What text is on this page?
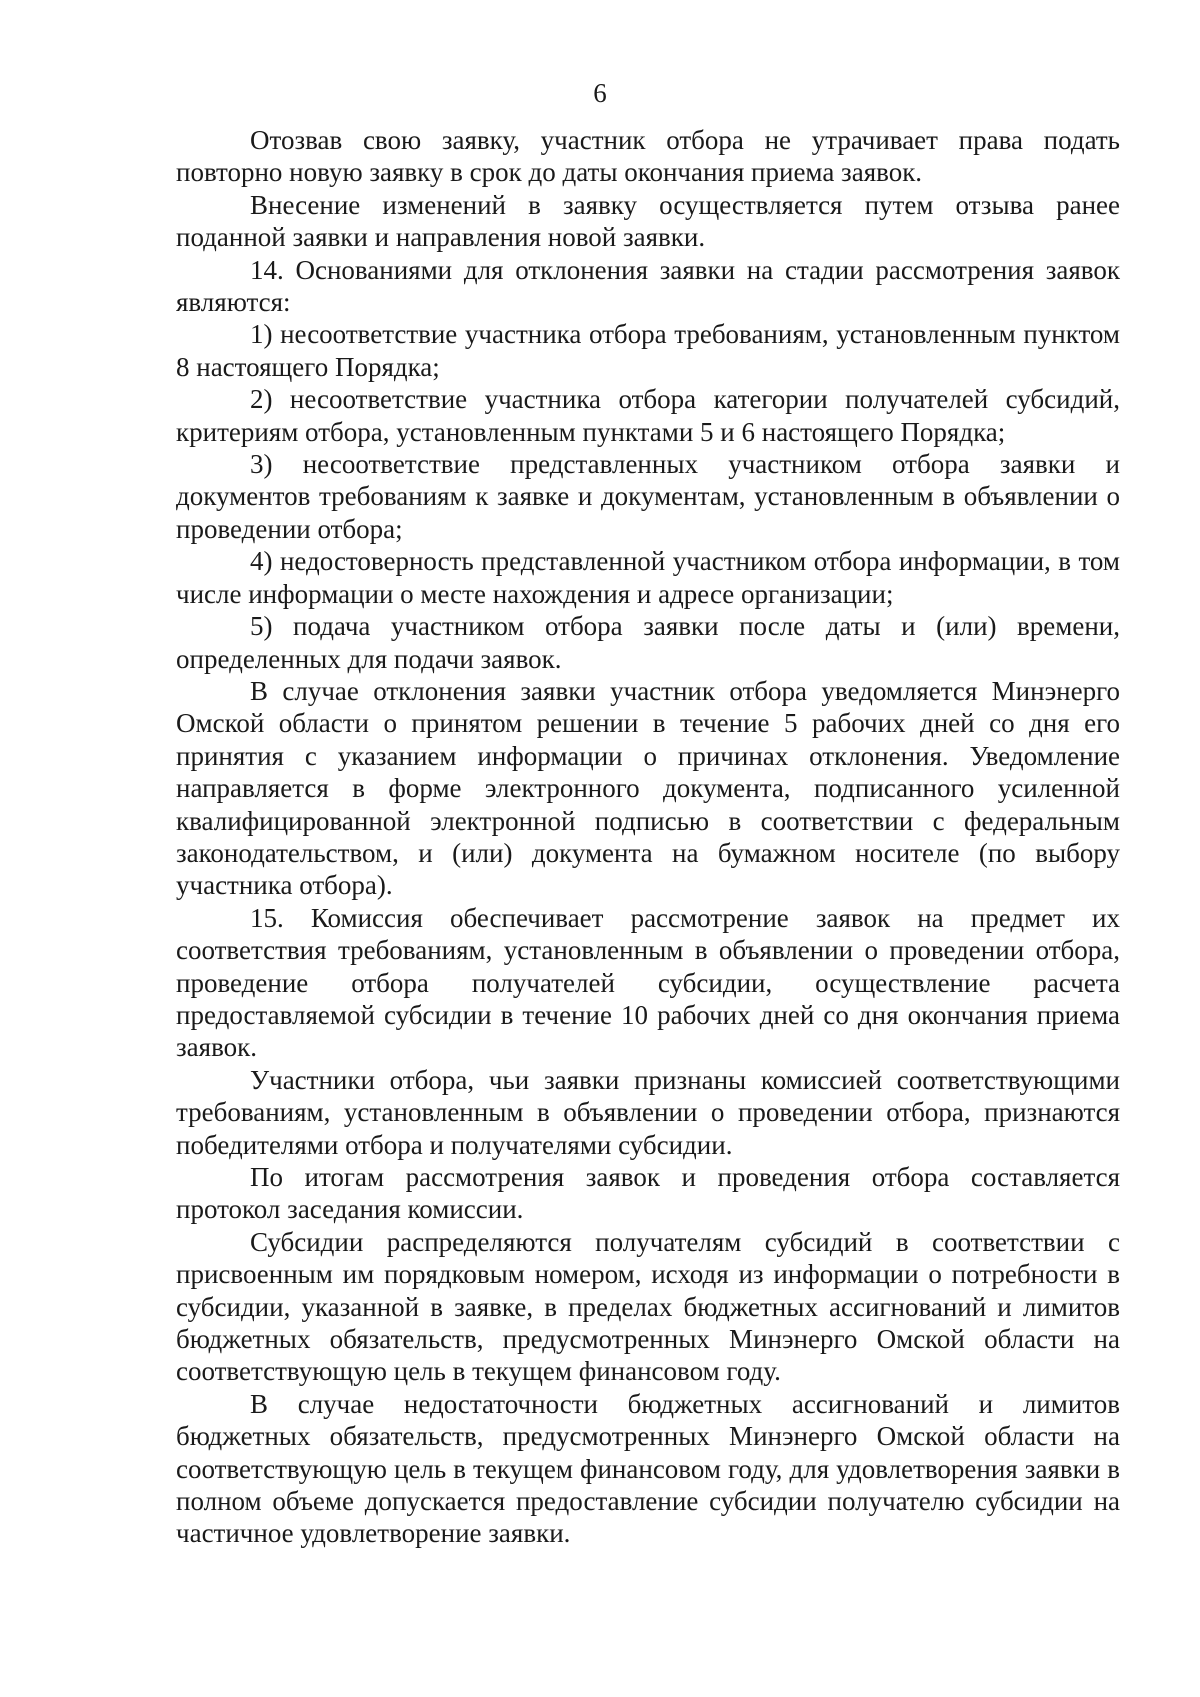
6

Отозвав свою заявку, участник отбора не утрачивает права подать повторно новую заявку в срок до даты окончания приема заявок.

Внесение изменений в заявку осуществляется путем отзыва ранее поданной заявки и направления новой заявки.

14. Основаниями для отклонения заявки на стадии рассмотрения заявок являются:

1) несоответствие участника отбора требованиям, установленным пунктом 8 настоящего Порядка;

2) несоответствие участника отбора категории получателей субсидий, критериям отбора, установленным пунктами 5 и 6 настоящего Порядка;

3) несоответствие представленных участником отбора заявки и документов требованиям к заявке и документам, установленным в объявлении о проведении отбора;

4) недостоверность представленной участником отбора информации, в том числе информации о месте нахождения и адресе организации;

5) подача участником отбора заявки после даты и (или) времени, определенных для подачи заявок.

В случае отклонения заявки участник отбора уведомляется Минэнерго Омской области о принятом решении в течение 5 рабочих дней со дня его принятия с указанием информации о причинах отклонения. Уведомление направляется в форме электронного документа, подписанного усиленной квалифицированной электронной подписью в соответствии с федеральным законодательством, и (или) документа на бумажном носителе (по выбору участника отбора).

15. Комиссия обеспечивает рассмотрение заявок на предмет их соответствия требованиям, установленным в объявлении о проведении отбора, проведение отбора получателей субсидии, осуществление расчета предоставляемой субсидии в течение 10 рабочих дней со дня окончания приема заявок.

Участники отбора, чьи заявки признаны комиссией соответствующими требованиям, установленным в объявлении о проведении отбора, признаются победителями отбора и получателями субсидии.

По итогам рассмотрения заявок и проведения отбора составляется протокол заседания комиссии.

Субсидии распределяются получателям субсидий в соответствии с присвоенным им порядковым номером, исходя из информации о потребности в субсидии, указанной в заявке, в пределах бюджетных ассигнований и лимитов бюджетных обязательств, предусмотренных Минэнерго Омской области на соответствующую цель в текущем финансовом году.

В случае недостаточности бюджетных ассигнований и лимитов бюджетных обязательств, предусмотренных Минэнерго Омской области на соответствующую цель в текущем финансовом году, для удовлетворения заявки в полном объеме допускается предоставление субсидии получателю субсидии на частичное удовлетворение заявки.
